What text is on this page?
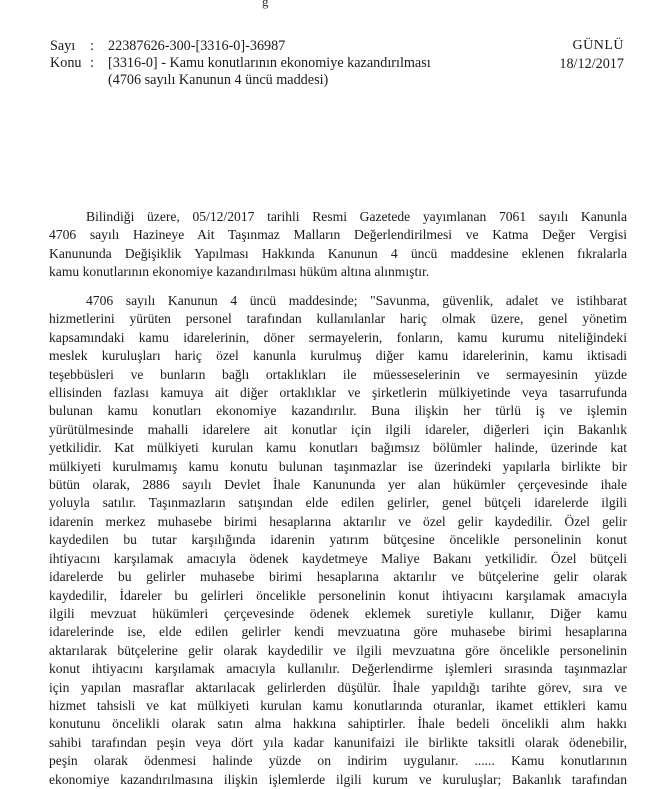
g
GÜNLÜ
18/12/2017
Sayı	: 22387626-300-[3316-0]-36987
Konu : [3316-0] - Kamu konutlarının ekonomiye kazandırılması
(4706 sayılı Kanunun 4 üncü maddesi)
Bilindiği üzere, 05/12/2017 tarihli Resmi Gazetede yayımlanan 7061 sayılı Kanunla
4706 sayılı Hazineye Ait Taşınmaz Malların Değerlendirilmesi ve Katma Değer Vergisi
Kanununda Değişiklik Yapılması Hakkında Kanunun 4 üncü maddesine eklenen fıkralarla
kamu konutlarının ekonomiye kazandırılması hüküm altına alınmıştır.
4706 sayılı Kanunun 4 üncü maddesinde; "Savunma, güvenlik, adalet ve istihbarat
hizmetlerini yürüten personel tarafından kullanılanlar hariç olmak üzere, genel yönetim
kapsamındaki kamu idarelerinin, döner sermayelerin, fonların, kamu kurumu niteliğindeki
meslek kuruluşları hariç özel kanunla kurulmuş diğer kamu idarelerinin, kamu iktisadi
teşebbüsleri ve bunların bağlı ortaklıkları ile müesseselerinin ve sermayesinin yüzde
ellisinden fazlası kamuya ait diğer ortaklıklar ve şirketlerin mülkiyetinde veya tasarrufunda
bulunan kamu konutları ekonomiye kazandırılır. Buna ilişkin her türlü iş ve işlemin
yürütülmesinde mahalli idarelere ait konutlar için ilgili idareler, diğerleri için Bakanlık
yetkilidir. Kat mülkiyeti kurulan kamu konutları bağımsız bölümler halinde, üzerinde kat
mülkiyeti kurulmamış kamu konutu bulunan taşınmazlar ise üzerindeki yapılarla birlikte bir
bütün olarak, 2886 sayılı Devlet İhale Kanununda yer alan hükümler çerçevesinde ihale
yoluyla satılır. Taşınmazların satışından elde edilen gelirler, genel bütçeli idarelerde ilgili
idarenin merkez muhasebe birimi hesaplarına aktarılır ve özel gelir kaydedilir. Özel gelir
kaydedilen bu tutar karşılığında idarenin yatırım bütçesine öncelikle personelinin konut
ihtiyacını karşılamak amacıyla ödenek kaydetmeye Maliye Bakanı yetkilidir. Özel bütçeli
idarelerde bu gelirler muhasebe birimi hesaplarına aktarılır ve bütçelerine gelir olarak
kaydedilir, İdareler bu gelirleri öncelikle personelinin konut ihtiyacını karşılamak amacıyla
ilgili mevzuat hükümleri çerçevesinde ödenek eklemek suretiyle kullanır, Diğer kamu
idarelerinde ise, elde edilen gelirler kendi mevzuatına göre muhasebe birimi hesaplarına
aktarılarak bütçelerine gelir olarak kaydedilir ve ilgili mevzuatına göre öncelikle personelinin
konut ihtiyacını karşılamak amacıyla kullanılır. Değerlendirme işlemleri sırasında taşınmazlar
için yapılan masraflar aktarılacak gelirlerden düşülür. İhale yapıldığı tarihte görev, sıra ve
hizmet tahsisli ve kat mülkiyeti kurulan kamu konutlarında oturanlar, ikamet ettikleri kamu
konutunu öncelikli olarak satın alma hakkına sahiptirler. İhale bedeli öncelikli alım hakkı
sahibi tarafından peşin veya dört yıla kadar kanunifaizi ile birlikte taksitli olarak ödenebilir,
peşin olarak ödenmesi halinde yüzde on indirim uygulanır. ...... Kamu konutlarının
ekonomiye kazandırılmasına ilişkin işlemlerde ilgili kurum ve kuruluşlar; Bakanlık tarafından
